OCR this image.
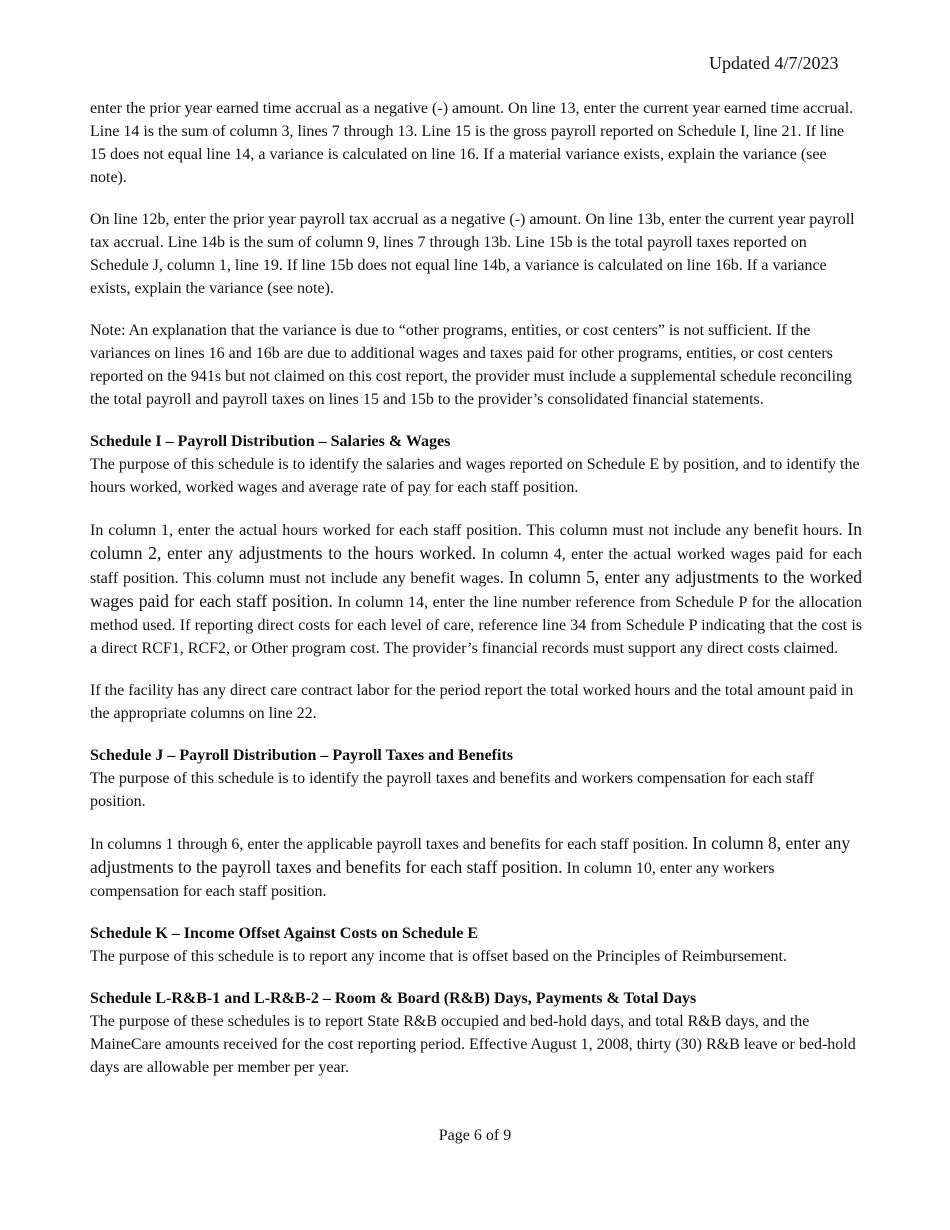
Updated 4/7/2023

enter the prior year earned time accrual as a negative (-) amount. On line 13, enter the current year earned time accrual. Line 14 is the sum of column 3, lines 7 through 13. Line 15 is the gross payroll reported on Schedule I, line 21. If line 15 does not equal line 14, a variance is calculated on line 16. If a material variance exists, explain the variance (see note).

On line 12b, enter the prior year payroll tax accrual as a negative (-) amount. On line 13b, enter the current year payroll tax accrual. Line 14b is the sum of column 9, lines 7 through 13b. Line 15b is the total payroll taxes reported on Schedule J, column 1, line 19. If line 15b does not equal line 14b, a variance is calculated on line 16b. If a variance exists, explain the variance (see note).

Note: An explanation that the variance is due to “other programs, entities, or cost centers” is not sufficient. If the variances on lines 16 and 16b are due to additional wages and taxes paid for other programs, entities, or cost centers reported on the 941s but not claimed on this cost report, the provider must include a supplemental schedule reconciling the total payroll and payroll taxes on lines 15 and 15b to the provider’s consolidated financial statements.

Schedule I – Payroll Distribution – Salaries & Wages

The purpose of this schedule is to identify the salaries and wages reported on Schedule E by position, and to identify the hours worked, worked wages and average rate of pay for each staff position.

In column 1, enter the actual hours worked for each staff position. This column must not include any benefit hours. In column 2, enter any adjustments to the hours worked. In column 4, enter the actual worked wages paid for each staff position. This column must not include any benefit wages. In column 5, enter any adjustments to the worked wages paid for each staff position. In column 14, enter the line number reference from Schedule P for the allocation method used. If reporting direct costs for each level of care, reference line 34 from Schedule P indicating that the cost is a direct RCF1, RCF2, or Other program cost. The provider’s financial records must support any direct costs claimed.

If the facility has any direct care contract labor for the period report the total worked hours and the total amount paid in the appropriate columns on line 22.

Schedule J – Payroll Distribution – Payroll Taxes and Benefits

The purpose of this schedule is to identify the payroll taxes and benefits and workers compensation for each staff position.

In columns 1 through 6, enter the applicable payroll taxes and benefits for each staff position. In column 8, enter any adjustments to the payroll taxes and benefits for each staff position. In column 10, enter any workers compensation for each staff position.

Schedule K – Income Offset Against Costs on Schedule E

The purpose of this schedule is to report any income that is offset based on the Principles of Reimbursement.

Schedule L-R&B-1 and L-R&B-2 – Room & Board (R&B) Days, Payments & Total Days

The purpose of these schedules is to report State R&B occupied and bed-hold days, and total R&B days, and the MaineCare amounts received for the cost reporting period. Effective August 1, 2008, thirty (30) R&B leave or bed-hold days are allowable per member per year.

Page 6 of 9
